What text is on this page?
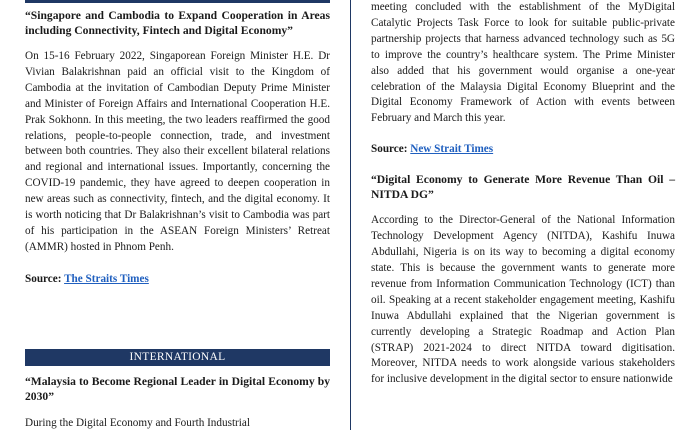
“Singapore and Cambodia to Expand Cooperation in Areas including Connectivity, Fintech and Digital Economy”

On 15-16 February 2022, Singaporean Foreign Minister H.E. Dr Vivian Balakrishnan paid an official visit to the Kingdom of Cambodia at the invitation of Cambodian Deputy Prime Minister and Minister of Foreign Affairs and International Cooperation H.E. Prak Sokhonn. In this meeting, the two leaders reaffirmed the good relations, people-to-people connection, trade, and investment between both countries. They also their excellent bilateral relations and regional and international issues. Importantly, concerning the COVID-19 pandemic, they have agreed to deepen cooperation in new areas such as connectivity, fintech, and the digital economy. It is worth noticing that Dr Balakrishnan’s visit to Cambodia was part of his participation in the ASEAN Foreign Ministers’ Retreat (AMMR) hosted in Phnom Penh.

Source: The Straits Times

INTERNATIONAL

“Malaysia to Become Regional Leader in Digital Economy by 2030”

During the Digital Economy and Fourth Industrial

meeting concluded with the establishment of the MyDigital Catalytic Projects Task Force to look for suitable public-private partnership projects that harness advanced technology such as 5G to improve the country’s healthcare system. The Prime Minister also added that his government would organise a one-year celebration of the Malaysia Digital Economy Blueprint and the Digital Economy Framework of Action with events between February and March this year.

Source: New Strait Times

“Digital Economy to Generate More Revenue Than Oil – NITDA DG”

According to the Director-General of the National Information Technology Development Agency (NITDA), Kashifu Inuwa Abdullahi, Nigeria is on its way to becoming a digital economy state. This is because the government wants to generate more revenue from Information Communication Technology (ICT) than oil. Speaking at a recent stakeholder engagement meeting, Kashifu Inuwa Abdullahi explained that the Nigerian government is currently developing a Strategic Roadmap and Action Plan (STRAP) 2021-2024 to direct NITDA toward digitisation. Moreover, NITDA needs to work alongside various stakeholders for inclusive development in the digital sector to ensure nationwide
